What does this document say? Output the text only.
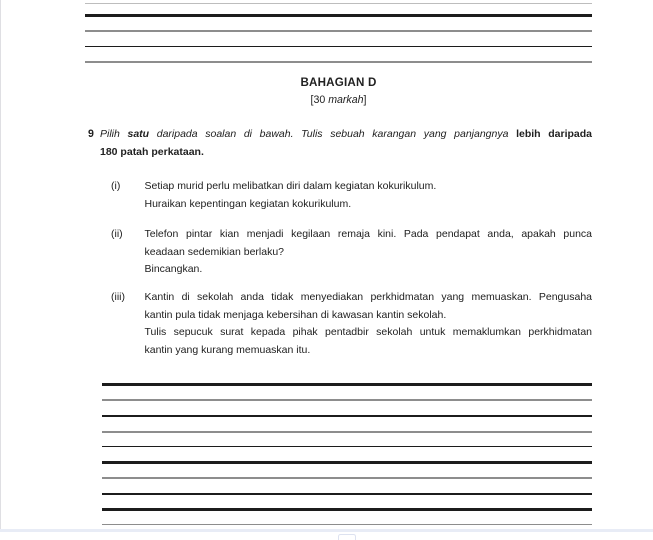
BAHAGIAN D
[30 markah]
9 Pilih satu daripada soalan di bawah. Tulis sebuah karangan yang panjangnya lebih daripada
180 patah perkataan.
(i) Setiap murid perlu melibatkan diri dalam kegiatan kokurikulum.
Huraikan kepentingan kegiatan kokurikulum.
(ii) Telefon pintar kian menjadi kegilaan remaja kini. Pada pendapat anda, apakah punca
keadaan sedemikian berlaku?
Bincangkan.
(iii) Kantin di sekolah anda tidak menyediakan perkhidmatan yang memuaskan. Pengusaha
kantin pula tidak menjaga kebersihan di kawasan kantin sekolah.
Tulis sepucuk surat kepada pihak pentadbir sekolah untuk memaklumkan perkhidmatan
kantin yang kurang memuaskan itu.
